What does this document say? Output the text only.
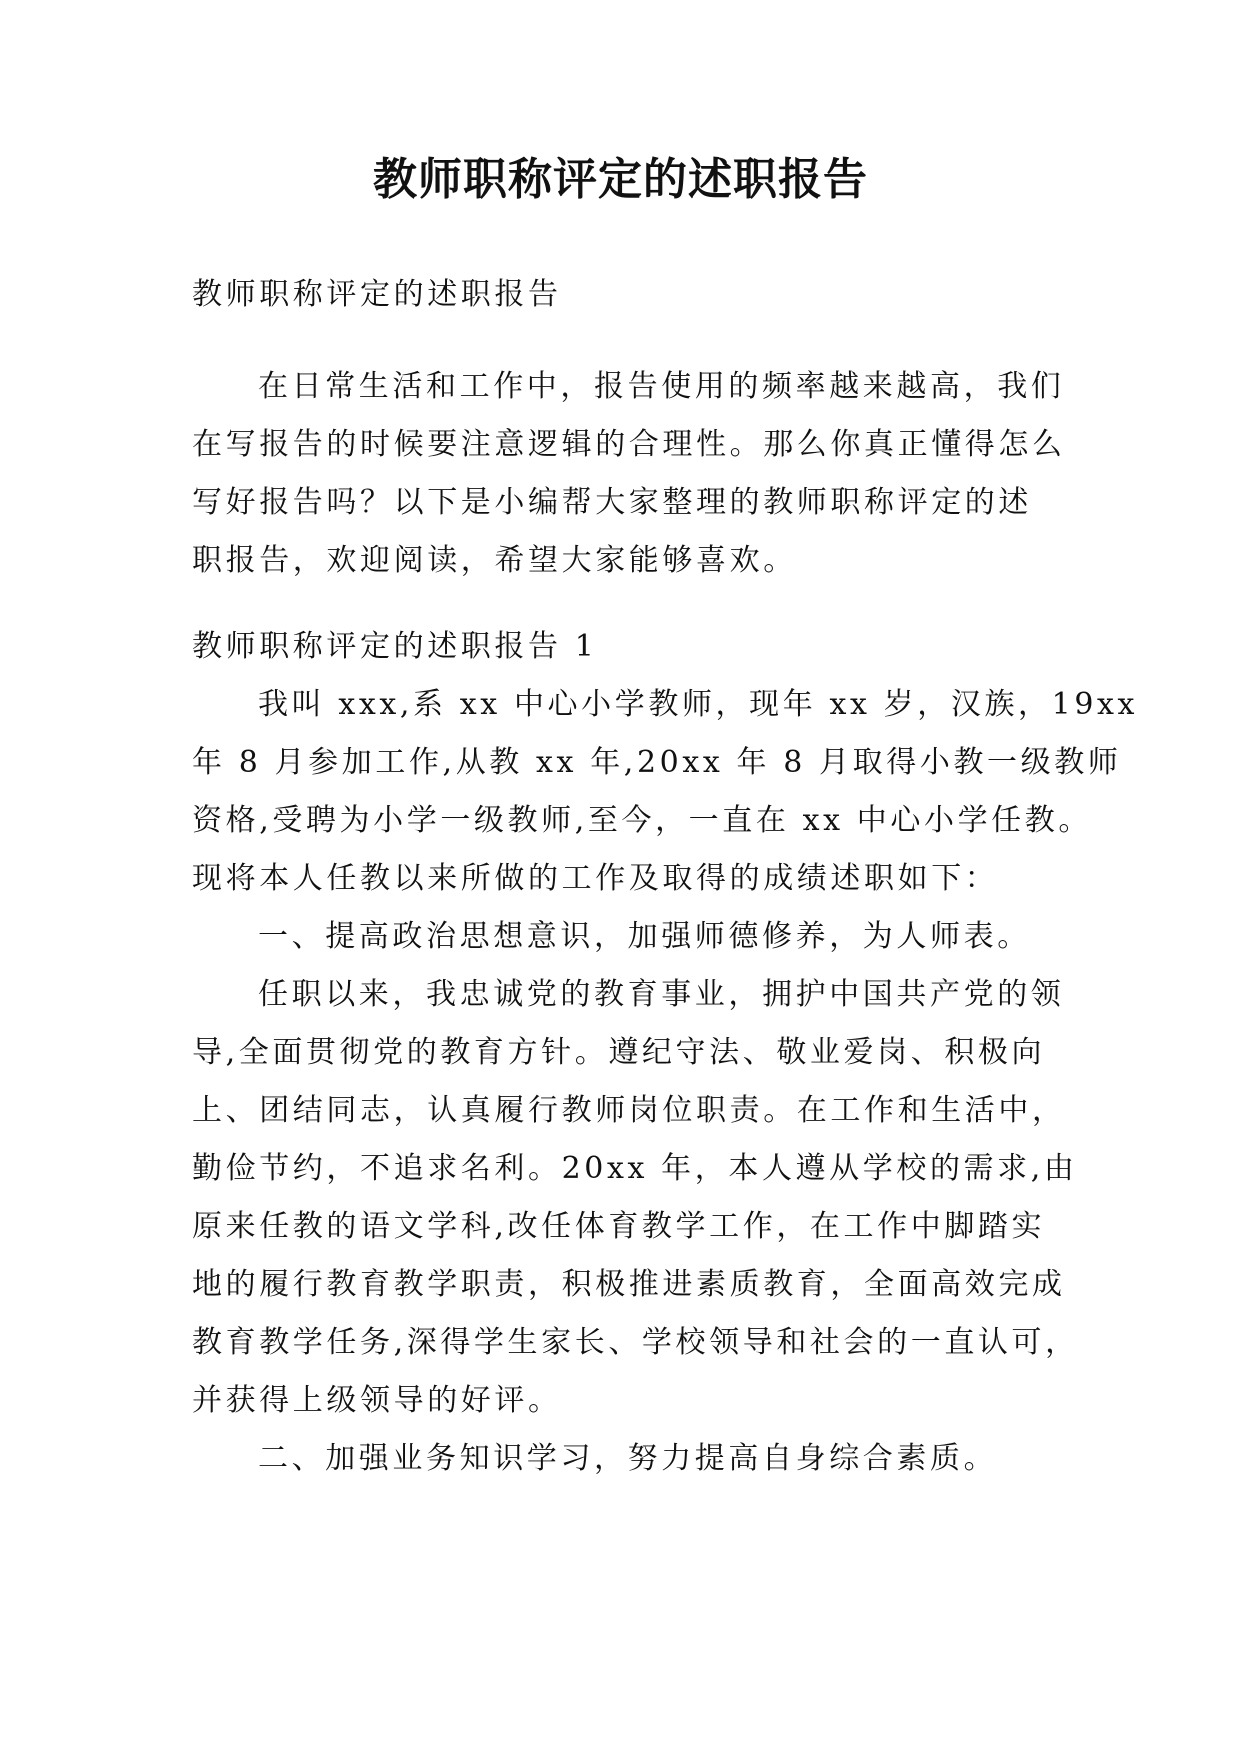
教师职称评定的述职报告

教师职称评定的述职报告

在日常生活和工作中，报告使用的频率越来越高，我们
在写报告的时候要注意逻辑的合理性。那么你真正懂得怎么
写好报告吗？以下是小编帮大家整理的教师职称评定的述
职报告，欢迎阅读，希望大家能够喜欢。

教师职称评定的述职报告 1

我叫 xxx,系 xx 中心小学教师，现年 xx 岁，汉族，19xx
年 8 月参加工作,从教 xx 年,20xx 年 8 月取得小教一级教师
资格,受聘为小学一级教师,至今，一直在 xx 中心小学任教。
现将本人任教以来所做的工作及取得的成绩述职如下：

一、提高政治思想意识，加强师德修养，为人师表。

任职以来，我忠诚党的教育事业，拥护中国共产党的领
导,全面贯彻党的教育方针。遵纪守法、敬业爱岗、积极向
上、团结同志，认真履行教师岗位职责。在工作和生活中，
勤俭节约，不追求名利。20xx 年，本人遵从学校的需求,由
原来任教的语文学科,改任体育教学工作，在工作中脚踏实
地的履行教育教学职责，积极推进素质教育，全面高效完成
教育教学任务,深得学生家长、学校领导和社会的一直认可，
并获得上级领导的好评。

二、加强业务知识学习，努力提高自身综合素质。
